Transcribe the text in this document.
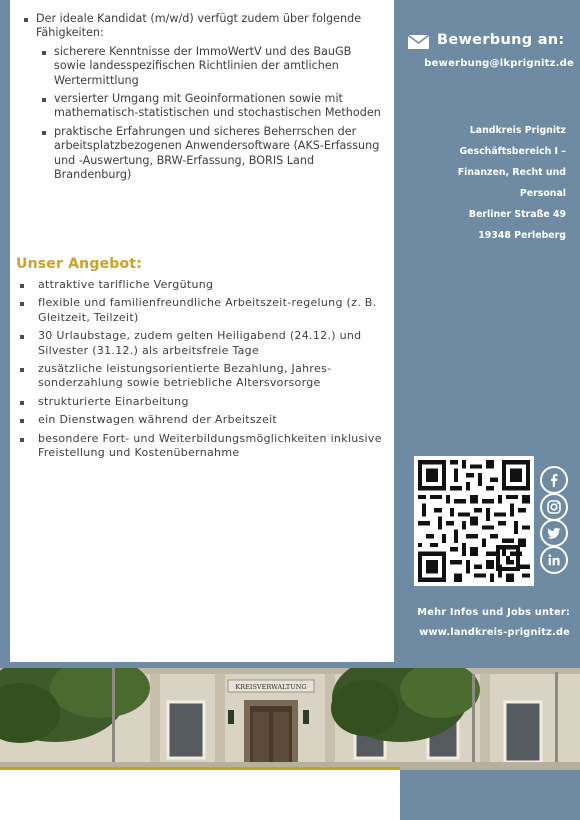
Der ideale Kandidat (m/w/d) verfügt zudem über folgende Fähigkeiten:
sicherere Kenntnisse der ImmoWertV und des BauGB sowie landesspezifischen Richtlinien der amtlichen Wertermittlung
versierter Umgang mit Geoinformationen sowie mit mathematisch-statistischen und stochastischen Methoden
praktische Erfahrungen und sicheres Beherrschen der arbeitsplatzbezogenen Anwendersoftware (AKS-Erfassung und -Auswertung, BRW-Erfassung, BORIS Land Brandenburg)
Unser Angebot:
attraktive tarifliche Vergütung
flexible und familienfreundliche Arbeitszeit-regelung (z. B. Gleitzeit, Teilzeit)
30 Urlaubstage, zudem gelten Heiligabend (24.12.) und Silvester (31.12.) als arbeitsfreie Tage
zusätzliche leistungsorientierte Bezahlung, Jahres-sonderzahlung sowie betriebliche Altersvorsorge
strukturierte Einarbeitung
ein Dienstwagen während der Arbeitszeit
besondere Fort- und Weiterbildungsmöglichkeiten inklusive Freistellung und Kostenübernahme
Bewerbung an:
bewerbung@lkprignitz.de
Landkreis Prignitz
Geschäftsbereich I –
Finanzen, Recht und
Personal
Berliner Straße 49
19348 Perleberg
Mehr Infos und Jobs unter:
www.landkreis-prignitz.de
KREISVERWALTUNG
